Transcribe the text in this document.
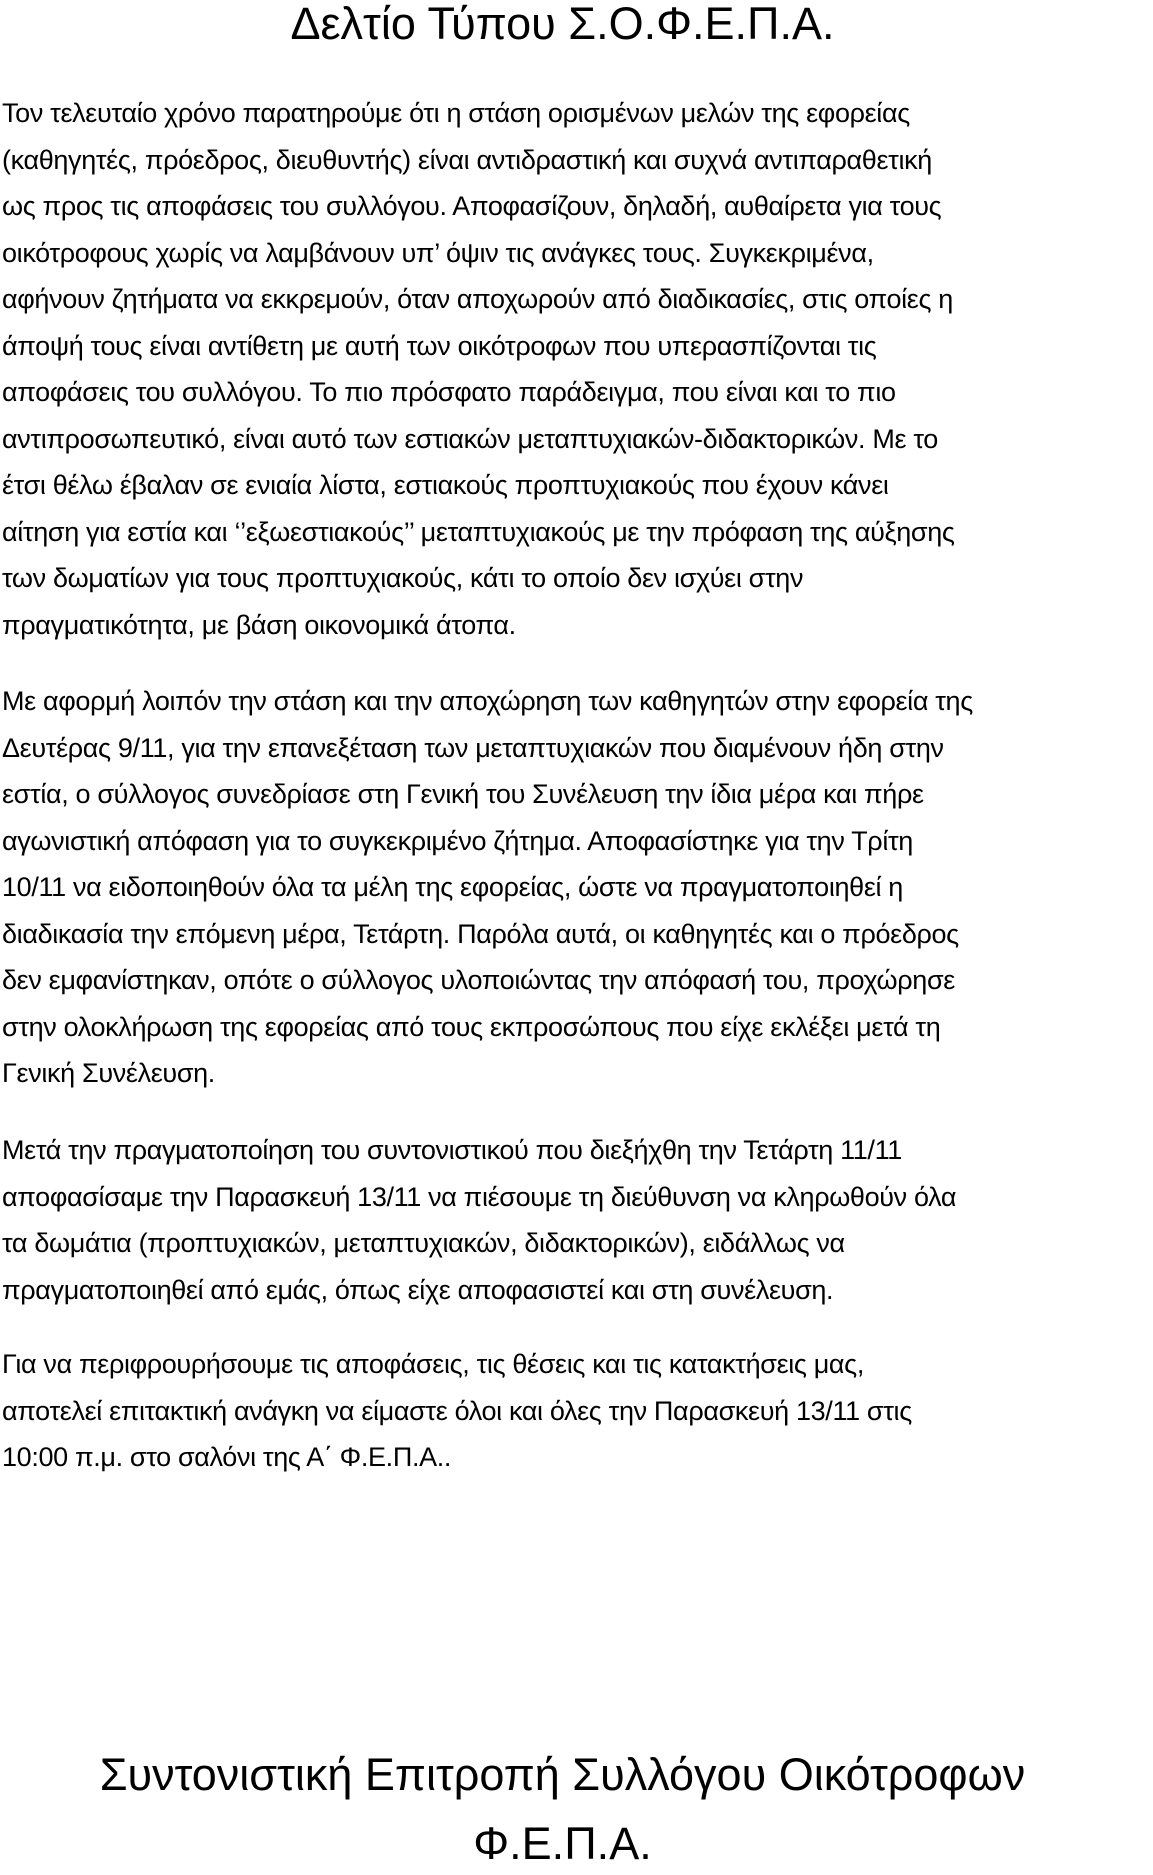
Δελτίο Τύπου Σ.Ο.Φ.Ε.Π.Α.
Τον τελευταίο χρόνο παρατηρούμε ότι η στάση ορισμένων μελών της εφορείας
(καθηγητές, πρόεδρος, διευθυντής) είναι αντιδραστική και συχνά αντιπαραθετική
ως προς τις αποφάσεις του συλλόγου. Αποφασίζουν, δηλαδή, αυθαίρετα για τους
οικότροφους χωρίς να λαμβάνουν υπ’ όψιν τις ανάγκες τους. Συγκεκριμένα,
αφήνουν ζητήματα να εκκρεμούν, όταν αποχωρούν από διαδικασίες, στις οποίες η
άποψή τους είναι αντίθετη με αυτή των οικότροφων που υπερασπίζονται τις
αποφάσεις του συλλόγου. Το πιο πρόσφατο παράδειγμα, που είναι και το πιο
αντιπροσωπευτικό, είναι αυτό των εστιακών μεταπτυχιακών-διδακτορικών. Με το
έτσι θέλω έβαλαν σε ενιαία λίστα, εστιακούς προπτυχιακούς που έχουν κάνει
αίτηση για εστία και ‘’εξωεστιακούς’’ μεταπτυχιακούς με την πρόφαση της αύξησης
των δωματίων για τους προπτυχιακούς, κάτι το οποίο δεν ισχύει στην
πραγματικότητα, με βάση οικονομικά άτοπα.
Με αφορμή λοιπόν την στάση και την αποχώρηση των καθηγητών στην εφορεία της
Δευτέρας 9/11, για την επανεξέταση των μεταπτυχιακών που διαμένουν ήδη στην
εστία, ο σύλλογος συνεδρίασε στη Γενική του Συνέλευση την ίδια μέρα και πήρε
αγωνιστική απόφαση για το συγκεκριμένο ζήτημα. Αποφασίστηκε για την Τρίτη
10/11 να ειδοποιηθούν όλα τα μέλη της εφορείας, ώστε να πραγματοποιηθεί η
διαδικασία την επόμενη μέρα, Τετάρτη. Παρόλα αυτά, οι καθηγητές και ο πρόεδρος
δεν εμφανίστηκαν, οπότε ο σύλλογος υλοποιώντας την απόφασή του, προχώρησε
στην ολοκλήρωση της εφορείας από τους εκπροσώπους που είχε εκλέξει μετά τη
Γενική Συνέλευση.
Μετά την πραγματοποίηση του συντονιστικού που διεξήχθη την Τετάρτη 11/11
αποφασίσαμε την Παρασκευή 13/11 να πιέσουμε τη διεύθυνση να κληρωθούν όλα
τα δωμάτια (προπτυχιακών, μεταπτυχιακών, διδακτορικών), ειδάλλως να
πραγματοποιηθεί από εμάς, όπως είχε αποφασιστεί και στη συνέλευση.
Για να περιφρουρήσουμε τις αποφάσεις, τις θέσεις και τις κατακτήσεις μας,
αποτελεί επιτακτική ανάγκη να είμαστε όλοι και όλες την Παρασκευή 13/11 στις
10:00 π.μ. στο σαλόνι της Α΄ Φ.Ε.Π.Α..
Συντονιστική Επιτροπή Συλλόγου Οικότροφων
Φ.Ε.Π.Α.
